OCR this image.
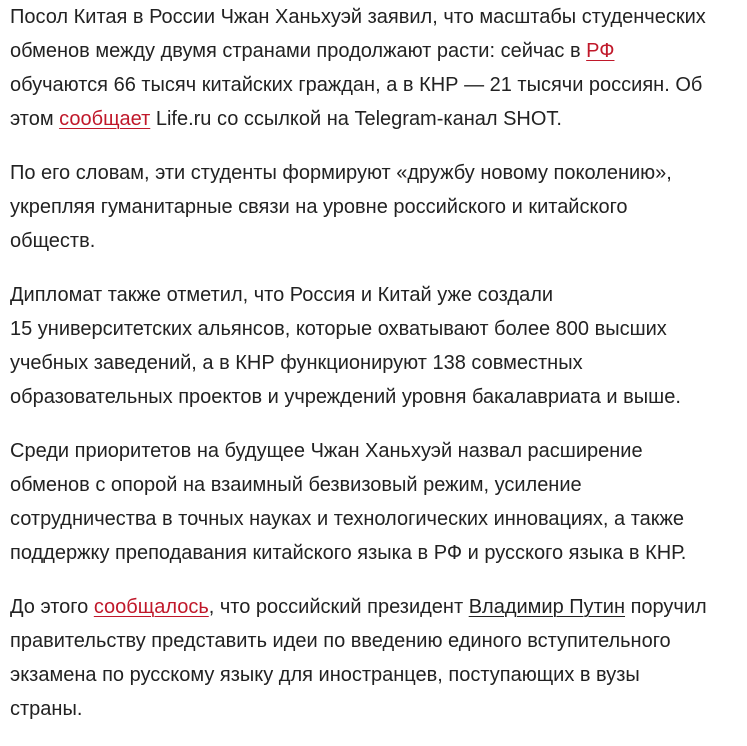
Посол Китая в России Чжан Ханьхуэй заявил, что масштабы студенческих
обменов между двумя странами продолжают расти: сейчас в РФ
обучаются 66 тысяч китайских граждан, а в КНР — 21 тысячи россиян. Об
этом сообщает Life.ru со ссылкой на Telegram-канал SHOT.

По его словам, эти студенты формируют «дружбу новому поколению»,
укрепляя гуманитарные связи на уровне российского и китайского
обществ.

Дипломат также отметил, что Россия и Китай уже создали
15 университетских альянсов, которые охватывают более 800 высших
учебных заведений, а в КНР функционируют 138 совместных
образовательных проектов и учреждений уровня бакалавриата и выше.

Среди приоритетов на будущее Чжан Ханьхуэй назвал расширение
обменов с опорой на взаимный безвизовый режим, усиление
сотрудничества в точных науках и технологических инновациях, а также
поддержку преподавания китайского языка в РФ и русского языка в КНР.

До этого сообщалось, что российский президент Владимир Путин поручил
правительству представить идеи по введению единого вступительного
экзамена по русскому языку для иностранцев, поступающих в вузы
страны.
